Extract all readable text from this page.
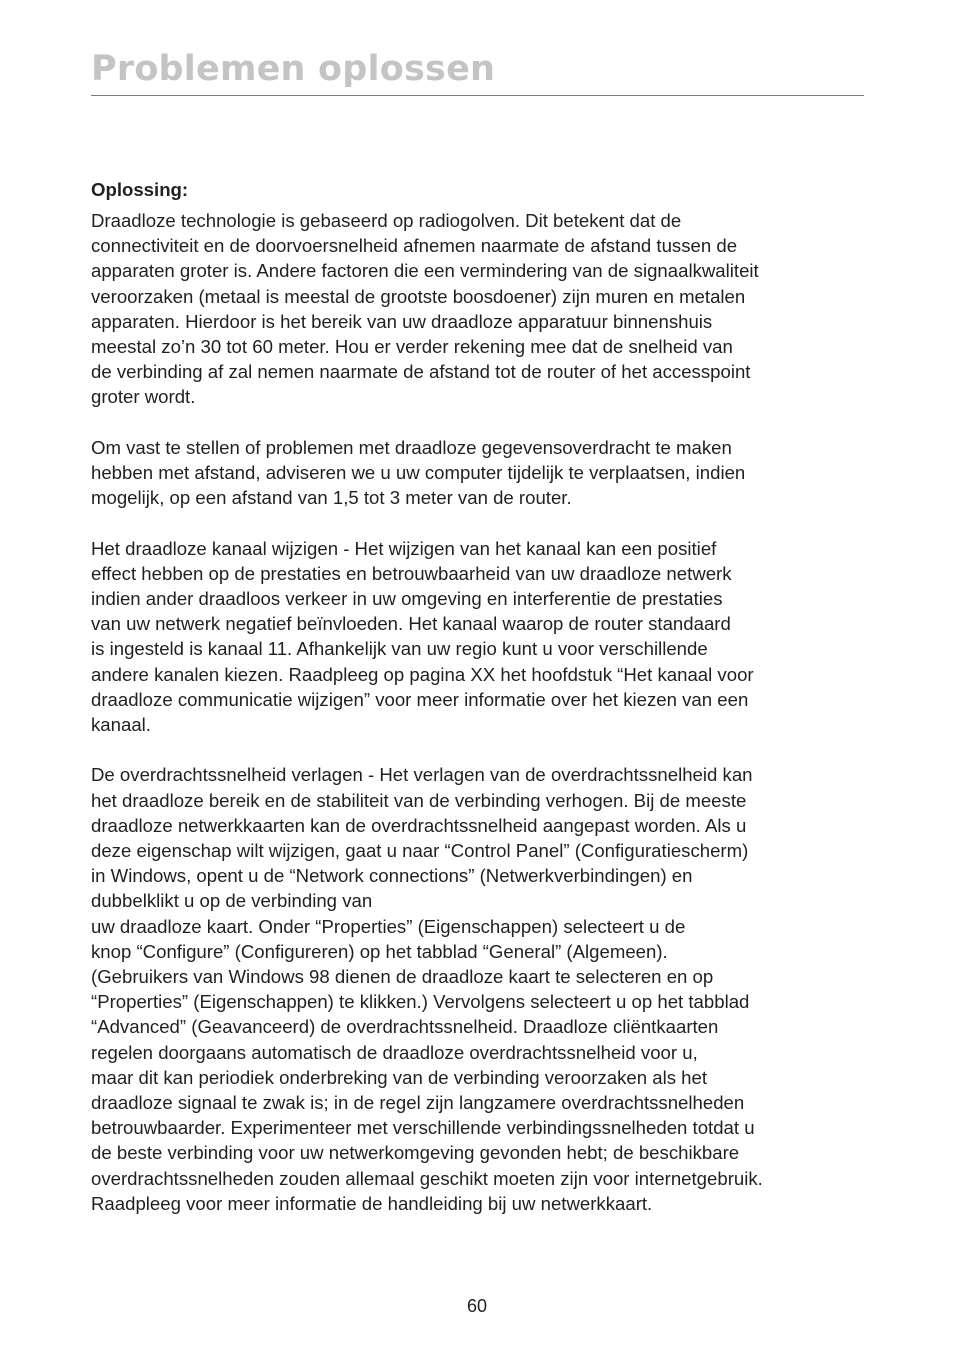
Problemen oplossen

Oplossing:

Draadloze technologie is gebaseerd op radiogolven. Dit betekent dat de
connectiviteit en de doorvoersnelheid afnemen naarmate de afstand tussen de
apparaten groter is. Andere factoren die een vermindering van de signaalkwaliteit
veroorzaken (metaal is meestal de grootste boosdoener) zijn muren en metalen
apparaten. Hierdoor is het bereik van uw draadloze apparatuur binnenshuis
meestal zo’n 30 tot 60 meter. Hou er verder rekening mee dat de snelheid van
de verbinding af zal nemen naarmate de afstand tot de router of het accesspoint
groter wordt.
Om vast te stellen of problemen met draadloze gegevensoverdracht te maken
hebben met afstand, adviseren we u uw computer tijdelijk te verplaatsen, indien
mogelijk, op een afstand van 1,5 tot 3 meter van de router.
Het draadloze kanaal wijzigen - Het wijzigen van het kanaal kan een positief
effect hebben op de prestaties en betrouwbaarheid van uw draadloze netwerk
indien ander draadloos verkeer in uw omgeving en interferentie de prestaties
van uw netwerk negatief beïnvloeden. Het kanaal waarop de router standaard
is ingesteld is kanaal 11. Afhankelijk van uw regio kunt u voor verschillende
andere kanalen kiezen. Raadpleeg op pagina XX het hoofdstuk “Het kanaal voor
draadloze communicatie wijzigen” voor meer informatie over het kiezen van een
kanaal.
De overdrachtssnelheid verlagen - Het verlagen van de overdrachtssnelheid kan
het draadloze bereik en de stabiliteit van de verbinding verhogen. Bij de meeste
draadloze netwerkkaarten kan de overdrachtssnelheid aangepast worden. Als u
deze eigenschap wilt wijzigen, gaat u naar “Control Panel” (Configuratiescherm)
in Windows, opent u de “Network connections” (Netwerkverbindingen) en
dubbelklikt u op de verbinding van
uw draadloze kaart. Onder “Properties” (Eigenschappen) selecteert u de
knop “Configure” (Configureren) op het tabblad “General” (Algemeen).
(Gebruikers van Windows 98 dienen de draadloze kaart te selecteren en op
“Properties” (Eigenschappen) te klikken.) Vervolgens selecteert u op het tabblad
“Advanced” (Geavanceerd) de overdrachtssnelheid. Draadloze cliëntkaarten
regelen doorgaans automatisch de draadloze overdrachtssnelheid voor u,
maar dit kan periodiek onderbreking van de verbinding veroorzaken als het
draadloze signaal te zwak is; in de regel zijn langzamere overdrachtssnelheden
betrouwbaarder. Experimenteer met verschillende verbindingssnelheden totdat u
de beste verbinding voor uw netwerkomgeving gevonden hebt; de beschikbare
overdrachtssnelheden zouden allemaal geschikt moeten zijn voor internetgebruik.
Raadpleeg voor meer informatie de handleiding bij uw netwerkkaart.
60
